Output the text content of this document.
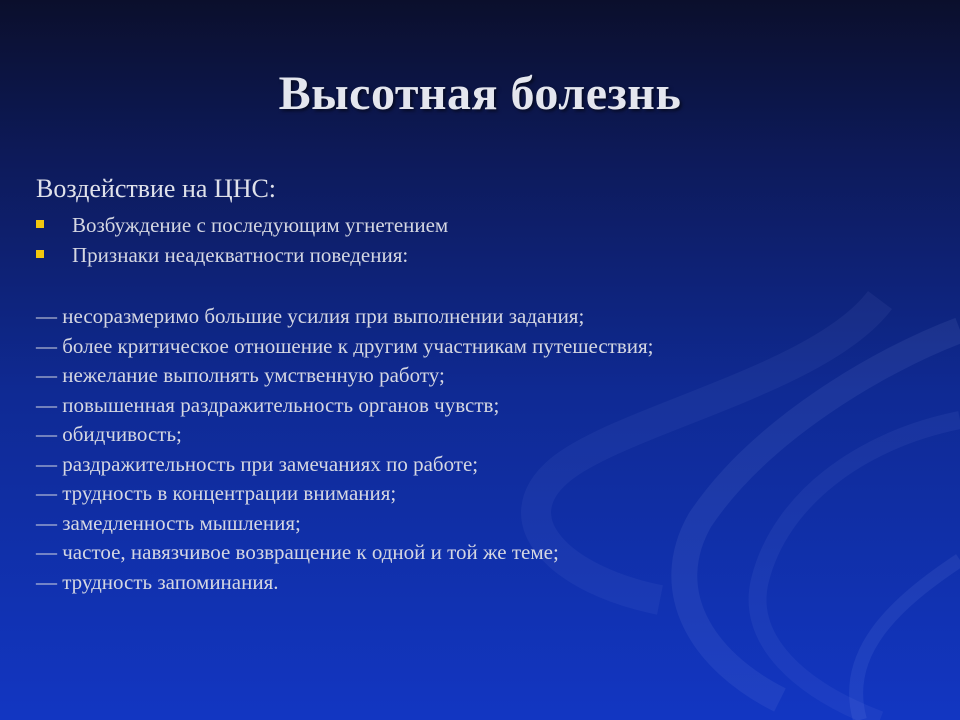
Высотная болезнь
Воздействие на ЦНС:
Возбуждение с последующим угнетением
Признаки неадекватности поведения:
— несоразмеримо большие усилия при выполнении задания;
— более критическое отношение к другим участникам путешествия;
— нежелание выполнять умственную работу;
— повышенная раздражительность органов чувств;
— обидчивость;
— раздражительность при замечаниях по работе;
— трудность в концентрации внимания;
— замедленность мышления;
— частое, навязчивое возвращение к одной и той же теме;
— трудность запоминания.
